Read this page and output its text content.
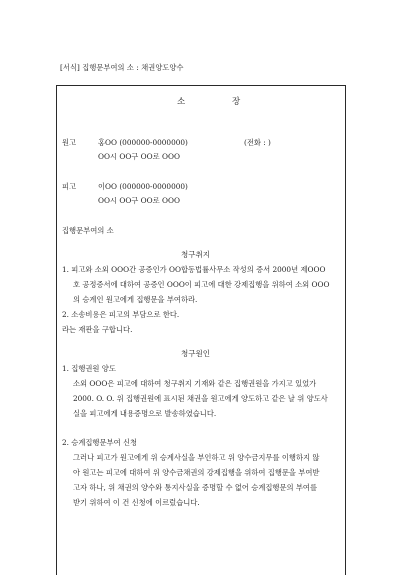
[서식] 집행문부여의 소 : 채권양도양수
소	장
원고	홍OO (000000-0000000)	(전화 : )
OO시 OO구 OO로 OOO
피고	이OO (000000-0000000)
OO시 OO구 OO로 OOO
집행문부여의 소
청구취지
1. 피고와 소외 OOO간 공증인가 OO합동법률사무소 작성의 증서 2000년 제OOO
호 공정증서에 대하여 공증인 OOO이 피고에 대한 강제집행을 위하여 소외 OOO
의 승계인 원고에게 집행문을 부여하라.
2. 소송비용은 피고의 부담으로 한다.
라는 재판을 구합니다.
청구원인
1. 집행권원 양도
소외 OOO은 피고에 대하여 청구취지 기재와 같은 집행권원을 가지고 있었가
2000. O. O. 위 집행권원에 표시된 채권을 원고에게 양도하고 같은 날 위 양도사
실을 피고에게 내용증명으로 발송하였습니다.
2. 승계집행문부여 신청
그러나 피고가 원고에게 위 승계사실을 부인하고 위 양수금지무를 이행하지 않
아 원고는 피고에 대하여 위 양수금채권의 강제집행을 위하여 집행문을 부여받
고자 하나, 위 채권의 양수와 통지사실을 증명할 수 없어 승계집행문의 부여를
받기 위하여 이 건 신청에 이르렀습니다.
